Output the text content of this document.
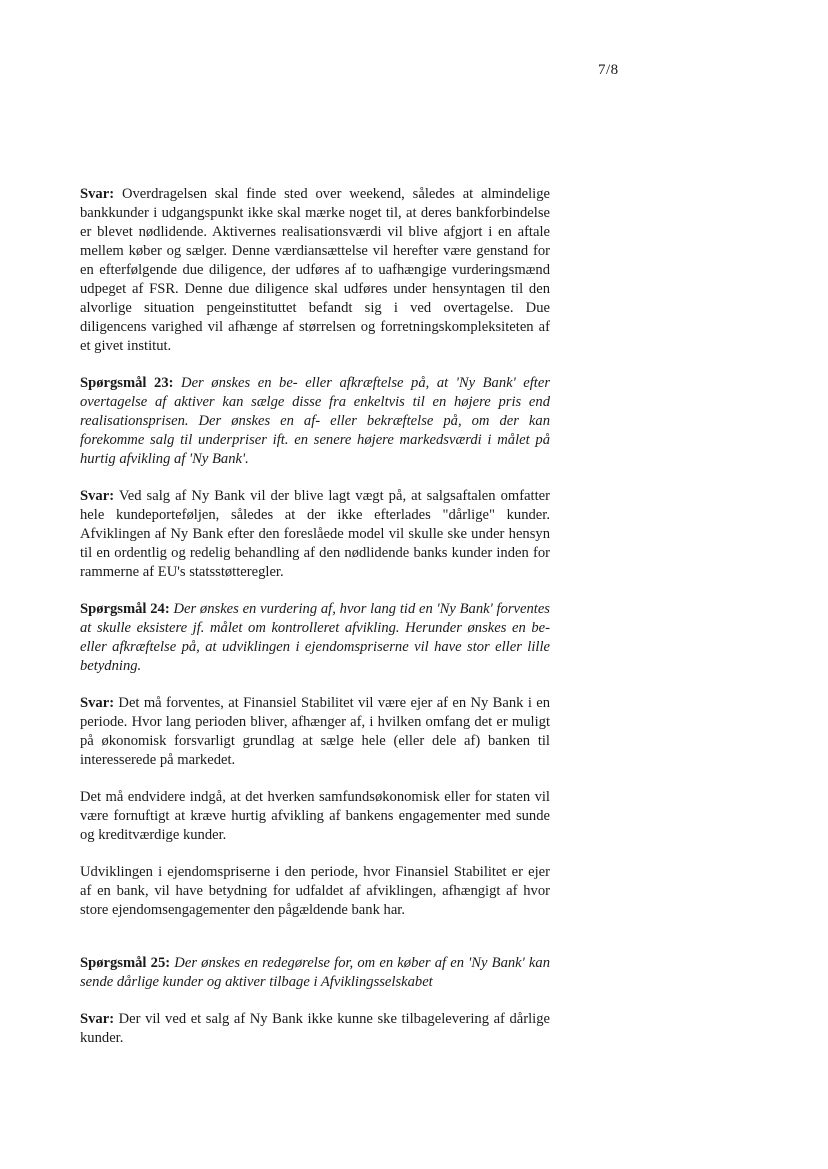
7/8

Svar: Overdragelsen skal finde sted over weekend, således at almindelige bankkunder i udgangspunkt ikke skal mærke noget til, at deres bankforbindelse er blevet nødlidende. Aktivernes realisationsværdi vil blive afgjort i en aftale mellem køber og sælger. Denne værdiansættelse vil herefter være genstand for en efterfølgende due diligence, der udføres af to uafhængige vurderingsmænd udpeget af FSR. Denne due diligence skal udføres under hensyntagen til den alvorlige situation pengeinstituttet befandt sig i ved overtagelse. Due diligencens varighed vil afhænge af størrelsen og forretningskompleksiteten af et givet institut.

Spørgsmål 23: Der ønskes en be- eller afkræftelse på, at 'Ny Bank' efter overtagelse af aktiver kan sælge disse fra enkeltvis til en højere pris end realisationsprisen. Der ønskes en af- eller bekræftelse på, om der kan forekomme salg til underpriser ift. en senere højere markedsværdi i målet på hurtig afvikling af 'Ny Bank'.

Svar: Ved salg af Ny Bank vil der blive lagt vægt på, at salgsaftalen omfatter hele kundeporteføljen, således at der ikke efterlades "dårlige" kunder. Afviklingen af Ny Bank efter den foreslåede model vil skulle ske under hensyn til en ordentlig og redelig behandling af den nødlidende banks kunder inden for rammerne af EU's statsstøtteregler.

Spørgsmål 24: Der ønskes en vurdering af, hvor lang tid en 'Ny Bank' forventes at skulle eksistere jf. målet om kontrolleret afvikling. Herunder ønskes en be- eller afkræftelse på, at udviklingen i ejendomspriserne vil have stor eller lille betydning.

Svar: Det må forventes, at Finansiel Stabilitet vil være ejer af en Ny Bank i en periode. Hvor lang perioden bliver, afhænger af, i hvilken omfang det er muligt på økonomisk forsvarligt grundlag at sælge hele (eller dele af) banken til interesserede på markedet.

Det må endvidere indgå, at det hverken samfundsøkonomisk eller for staten vil være fornuftigt at kræve hurtig afvikling af bankens engagementer med sunde og kreditværdige kunder.

Udviklingen i ejendomspriserne i den periode, hvor Finansiel Stabilitet er ejer af en bank, vil have betydning for udfaldet af afviklingen, afhængigt af hvor store ejendomsengagementer den pågældende bank har.

Spørgsmål 25: Der ønskes en redegørelse for, om en køber af en 'Ny Bank' kan sende dårlige kunder og aktiver tilbage i Afviklingsselskabet

Svar: Der vil ved et salg af Ny Bank ikke kunne ske tilbagelevering af dårlige kunder.
